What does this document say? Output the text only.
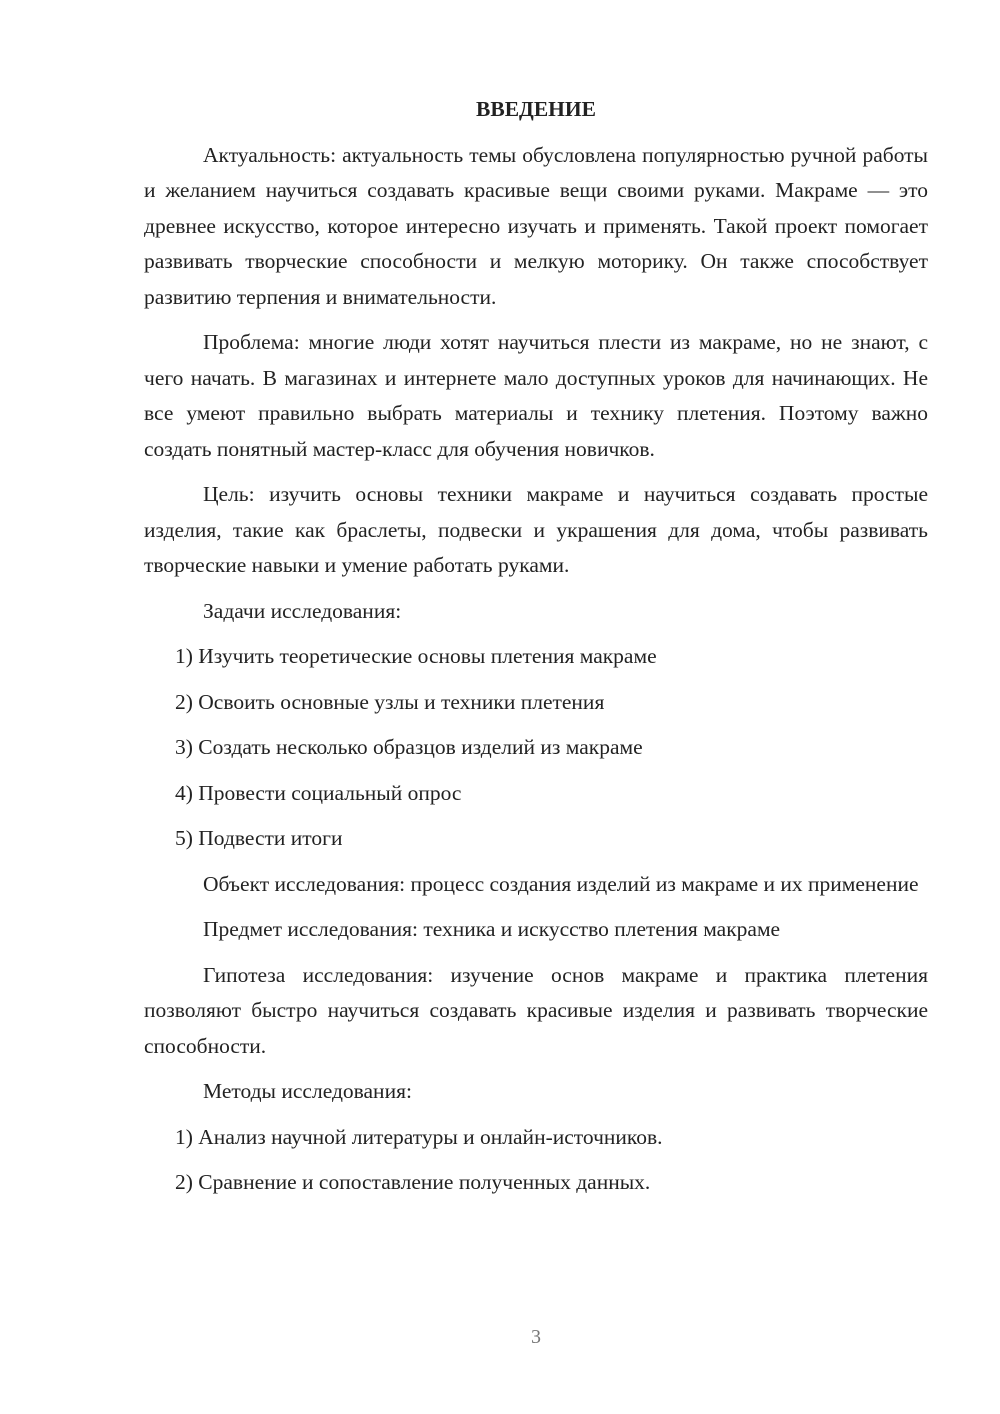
ВВЕДЕНИЕ
Актуальность: актуальность темы обусловлена популярностью ручной работы и желанием научиться создавать красивые вещи своими руками. Макраме — это древнее искусство, которое интересно изучать и применять. Такой проект помогает развивать творческие способности и мелкую моторику. Он также способствует развитию терпения и внимательности.
Проблема: многие люди хотят научиться плести из макраме, но не знают, с чего начать. В магазинах и интернете мало доступных уроков для начинающих. Не все умеют правильно выбрать материалы и технику плетения. Поэтому важно создать понятный мастер-класс для обучения новичков.
Цель: изучить основы техники макраме и научиться создавать простые изделия, такие как браслеты, подвески и украшения для дома, чтобы развивать творческие навыки и умение работать руками.
Задачи исследования:
1) Изучить теоретические основы плетения макраме
2) Освоить основные узлы и техники плетения
3) Создать несколько образцов изделий из макраме
4) Провести социальный опрос
5) Подвести итоги
Объект исследования: процесс создания изделий из макраме и их применение
Предмет исследования: техника и искусство плетения макраме
Гипотеза исследования: изучение основ макраме и практика плетения позволяют быстро научиться создавать красивые изделия и развивать творческие способности.
Методы исследования:
1) Анализ научной литературы и онлайн-источников.
2) Сравнение и сопоставление полученных данных.
3
